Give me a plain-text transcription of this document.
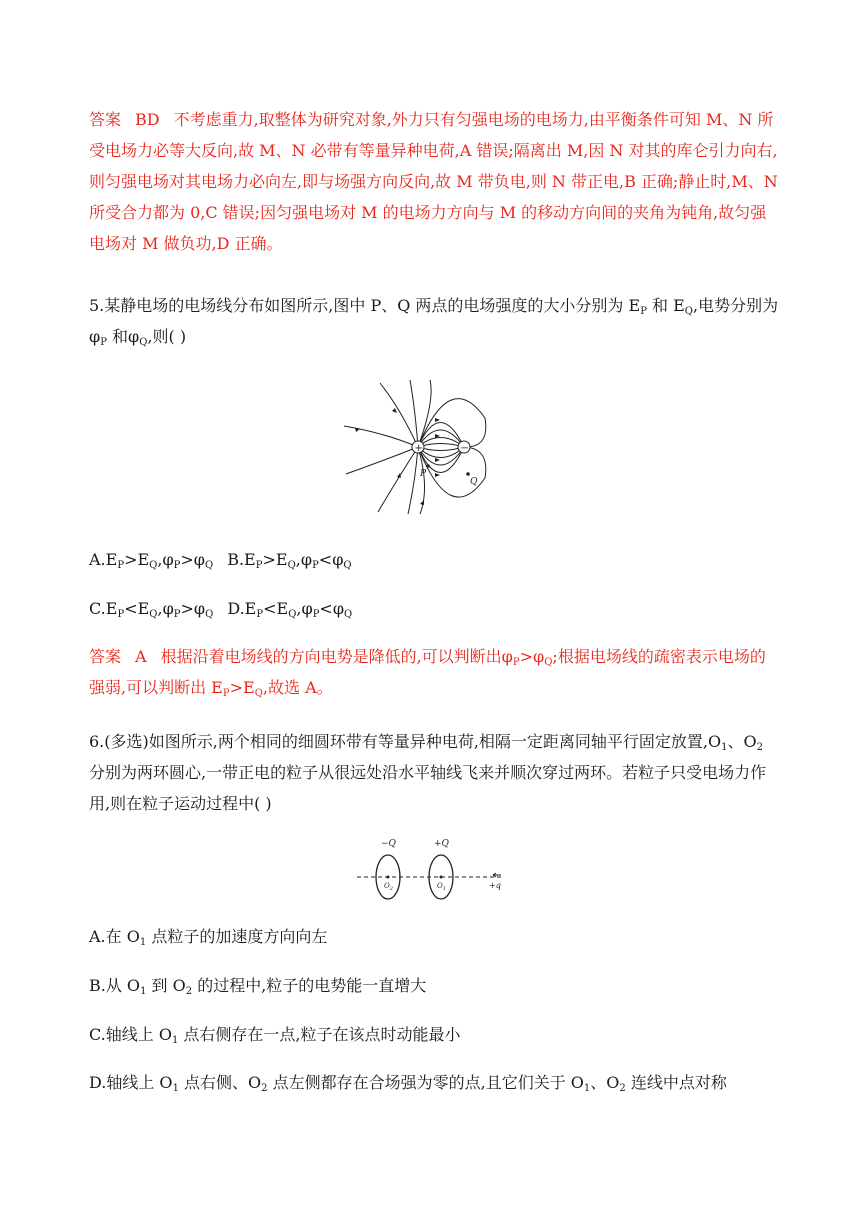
答案 BD 不考虑重力,取整体为研究对象,外力只有匀强电场的电场力,由平衡条件可知 M、N 所受电场力必等大反向,故 M、N 必带有等量异种电荷,A 错误;隔离出 M,因 N 对其的库仑引力向右,则匀强电场对其电场力必向左,即与场强方向反向,故 M 带负电,则 N 带正电,B 正确;静止时,M、N 所受合力都为 0,C 错误;因匀强电场对 M 的电场力方向与 M 的移动方向间的夹角为钝角,故匀强电场对 M 做负功,D 正确。

5.某静电场的电场线分布如图所示,图中 P、Q 两点的电场强度的大小分别为 $E_P$ 和 $E_Q$,电势分别为$\varphi_P$ 和$\varphi_Q$,则( )

+	−
P
Q

$A.E_P>E_Q,\varphi_P>\varphi_Q$ $B.E_P>E_Q,\varphi_P<\varphi_Q$

$C.E_P<E_Q,\varphi_P>\varphi_Q$ $D.E_P<E_Q,\varphi_P<\varphi_Q$

答案 A 根据沿着电场线的方向电势是降低的,可以判断出$\varphi_P>\varphi_Q$;根据电场线的疏密表示电场的强弱,可以判断出 $E_P>E_Q$,故选 A。

6.(多选)如图所示,两个相同的细圆环带有等量异种电荷,相隔一定距离同轴平行固定放置$,O_1$、$O_2$ 分别为两环圆心,一带正电的粒子从很远处沿水平轴线飞来并顺次穿过两环。若粒子只受电场力作用,则在粒子运动过程中( )

−Q	+Q
$O_2$	$O_1$	+q

A.在 $O_1$ 点粒子的加速度方向向左

B.从 $O_1$ 到 $O_2$ 的过程中,粒子的电势能一直增大

C.轴线上 $O_1$ 点右侧存在一点,粒子在该点时动能最小

D.轴线上 $O_1$ 点右侧、$O_2$ 点左侧都存在合场强为零的点,且它们关于 $O_1$、$O_2$ 连线中点对称
